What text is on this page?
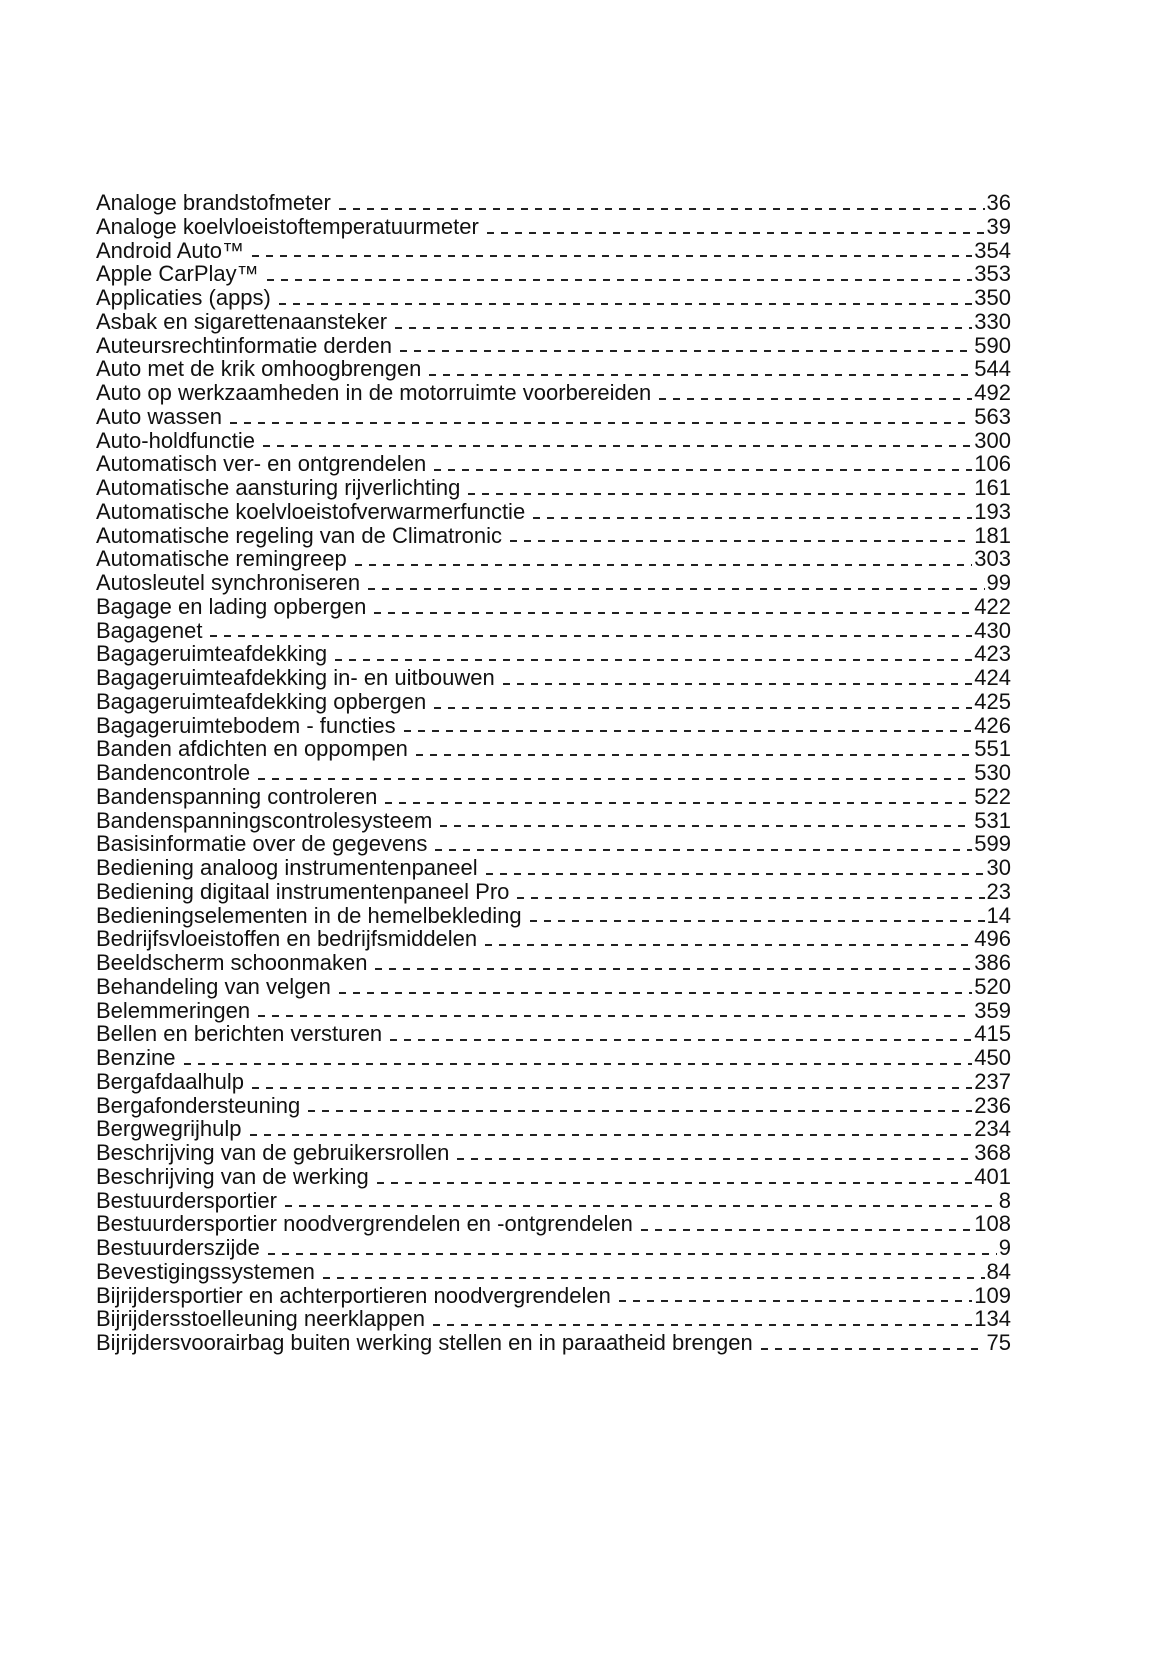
Analoge brandstofmeter	36
Analoge koelvloeistoftemperatuurmeter	39
Android Auto™	354
Apple CarPlay™	353
Applicaties (apps)	350
Asbak en sigarettenaansteker	330
Auteursrechtinformatie derden	590
Auto met de krik omhoogbrengen	544
Auto op werkzaamheden in de motorruimte voorbereiden	492
Auto wassen	563
Auto-holdfunctie	300
Automatisch ver- en ontgrendelen	106
Automatische aansturing rijverlichting	161
Automatische koelvloeistofverwarmerfunctie	193
Automatische regeling van de Climatronic	181
Automatische remingreep	303
Autosleutel synchroniseren	99
Bagage en lading opbergen	422
Bagagenet	430
Bagageruimteafdekking	423
Bagageruimteafdekking in- en uitbouwen	424
Bagageruimteafdekking opbergen	425
Bagageruimtebodem - functies	426
Banden afdichten en oppompen	551
Bandencontrole	530
Bandenspanning controleren	522
Bandenspanningscontrolesysteem	531
Basisinformatie over de gegevens	599
Bediening analoog instrumentenpaneel	30
Bediening digitaal instrumentenpaneel Pro	23
Bedieningselementen in de hemelbekleding	14
Bedrijfsvloeistoffen en bedrijfsmiddelen	496
Beeldscherm schoonmaken	386
Behandeling van velgen	520
Belemmeringen	359
Bellen en berichten versturen	415
Benzine	450
Bergafdaalhulp	237
Bergafondersteuning	236
Bergwegrijhulp	234
Beschrijving van de gebruikersrollen	368
Beschrijving van de werking	401
Bestuurdersportier	8
Bestuurdersportier noodvergrendelen en -ontgrendelen	108
Bestuurderszijde	9
Bevestigingssystemen	84
Bijrijdersportier en achterportieren noodvergrendelen	109
Bijrijdersstoelleuning neerklappen	134
Bijrijdersvoorairbag buiten werking stellen en in paraatheid brengen	75
